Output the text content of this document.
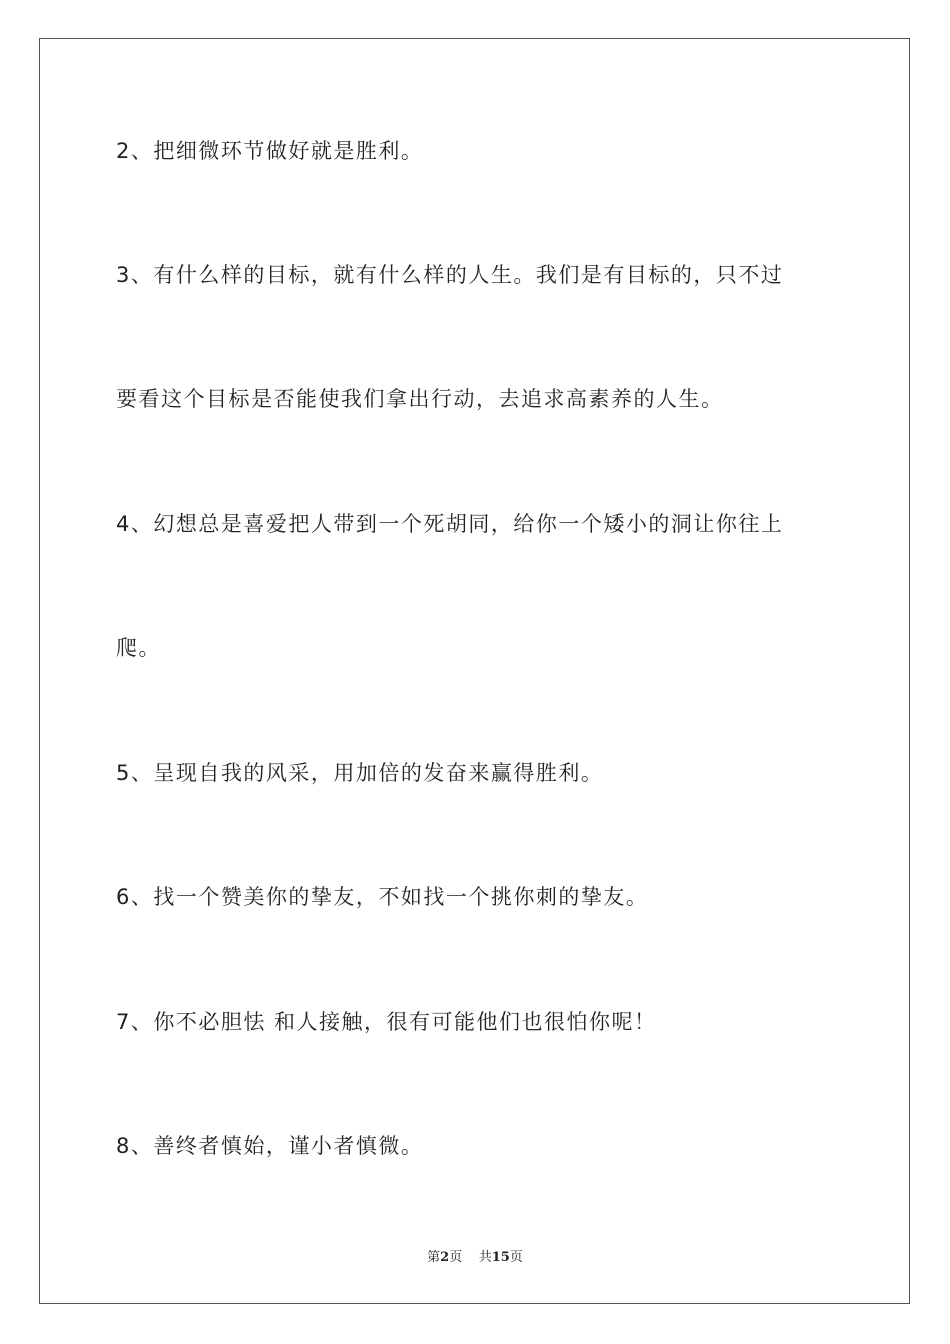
2、把细微环节做好就是胜利。
3、有什么样的目标，就有什么样的人生。我们是有目标的，只不过
要看这个目标是否能使我们拿出行动，去追求高素养的人生。
4、幻想总是喜爱把人带到一个死胡同，给你一个矮小的洞让你往上
爬。
5、呈现自我的风采，用加倍的发奋来赢得胜利。
6、找一个赞美你的挚友，不如找一个挑你刺的挚友。
7、你不必胆怯 和人接触，很有可能他们也很怕你呢！
8、善终者慎始，谨小者慎微。
第2页 共15页
